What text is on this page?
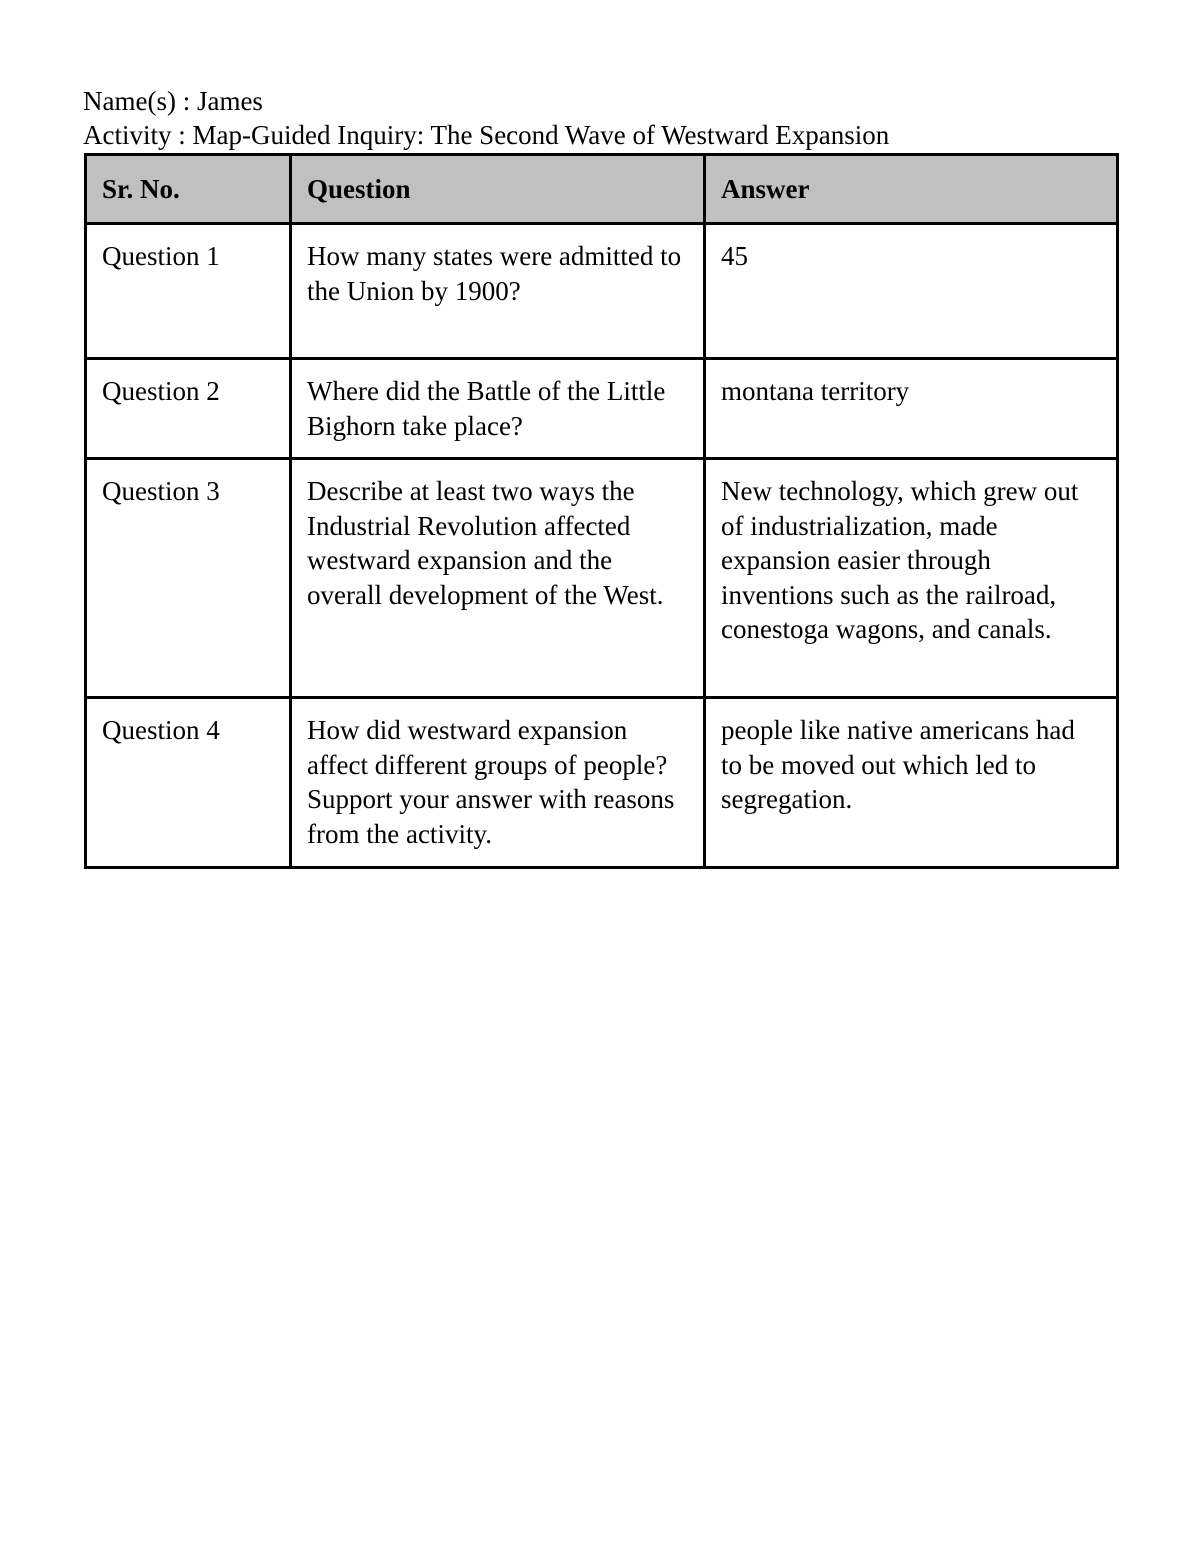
Name(s) : James
Activity : Map-Guided Inquiry: The Second Wave of Westward Expansion
Sr. No.	Question	Answer
Question 1	How many states were admitted to the Union by 1900?	45
Question 2	Where did the Battle of the Little Bighorn take place?	montana territory
Question 3	Describe at least two ways the Industrial Revolution affected westward expansion and the overall development of the West.	New technology, which grew out of industrialization, made expansion easier through inventions such as the railroad, conestoga wagons, and canals.
Question 4	How did westward expansion affect different groups of people? Support your answer with reasons from the activity.	people like native americans had to be moved out which led to segregation.
